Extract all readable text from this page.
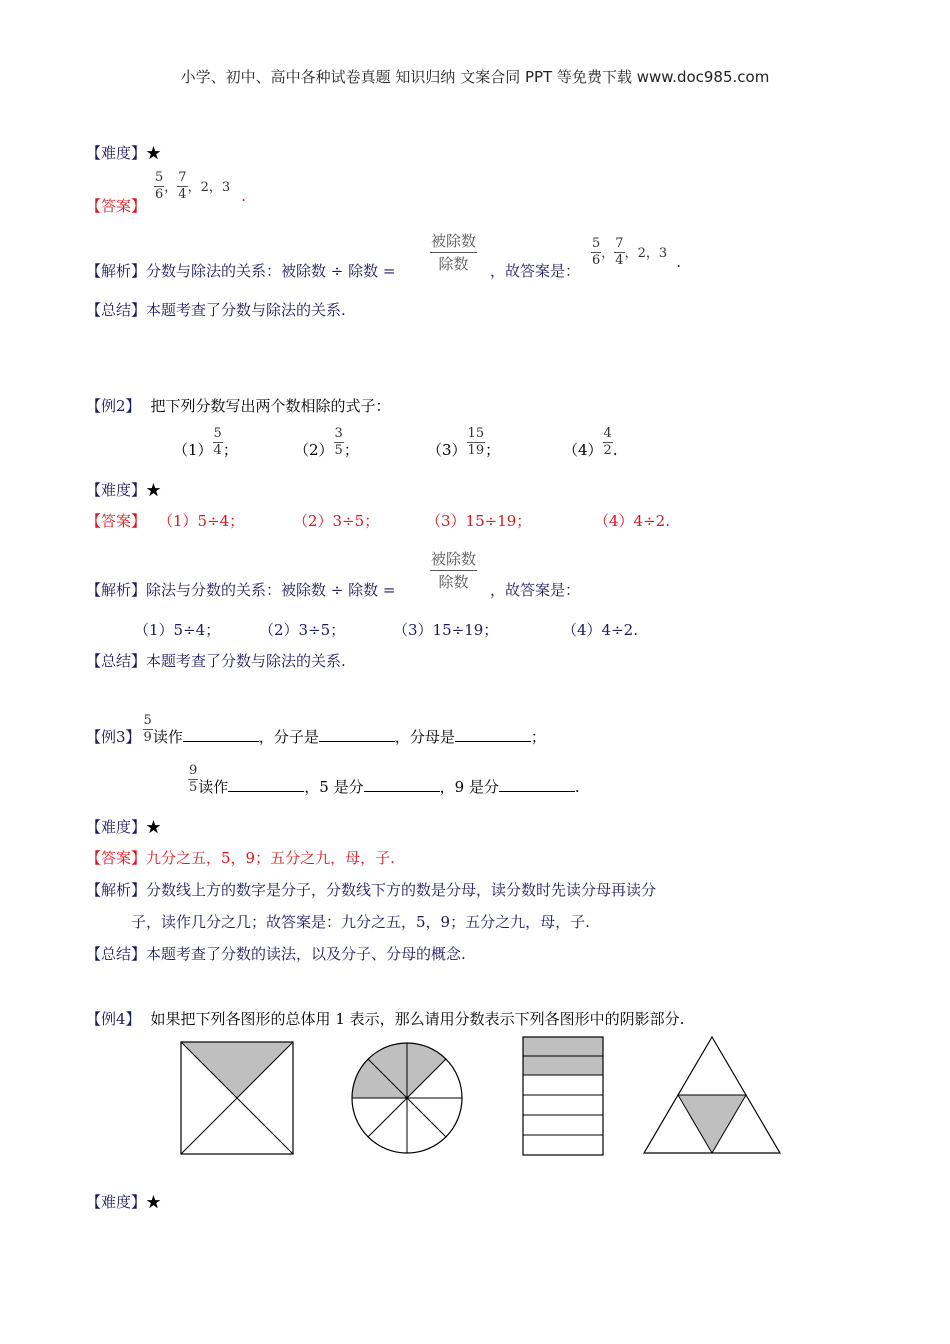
小学、初中、高中各种试卷真题 知识归纳 文案合同 PPT 等免费下载 www.doc985.com
【难度】★
【答案】
$\frac{5}{6}$ ， $\frac{7}{4}$ ，2，3 .
【解析】分数与除法的关系：被除数 ÷ 除数 = $\frac{\text{被除数}}{\text{除数}}$ ，故答案是：
$\frac{5}{6}$ ， $\frac{7}{4}$ ，2，3 .
【总结】本题考查了分数与除法的关系.
【例2】 把下列分数写出两个数相除的式子：
$(1) \frac{5}{4}$ ；	$(2) \frac{3}{5}$ ；	$(3) \frac{15}{19}$ ；	$(4) \frac{4}{2}$ .
【难度】★
【答案】 （1）5÷4；	（2）3÷5；	（3）15÷19；	（4）4÷2.
【解析】除法与分数的关系：被除数 ÷ 除数 = $\frac{\text{被除数}}{\text{除数}}$ ，故答案是：
（1）5÷4；	（2）3÷5；	（3）15÷19；	（4）4÷2.
【总结】本题考查了分数与除法的关系.
【例3】 $\frac{5}{9}$ 读作	，分子是	，分母是	；
$\frac{9}{5}$ 读作	，5 是分	，9 是分	.
【难度】★
【答案】九分之五，5，9；五分之九，母，子.
【解析】分数线上方的数字是分子，分数线下方的数是分母，读分数时先读分母再读分
子，读作几分之几；故答案是：九分之五，5，9；五分之九，母，子.
【总结】本题考查了分数的读法，以及分子、分母的概念.
【例4】 如果把下列各图形的总体用 1 表示，那么请用分数表示下列各图形中的阴影部分.
【难度】★
